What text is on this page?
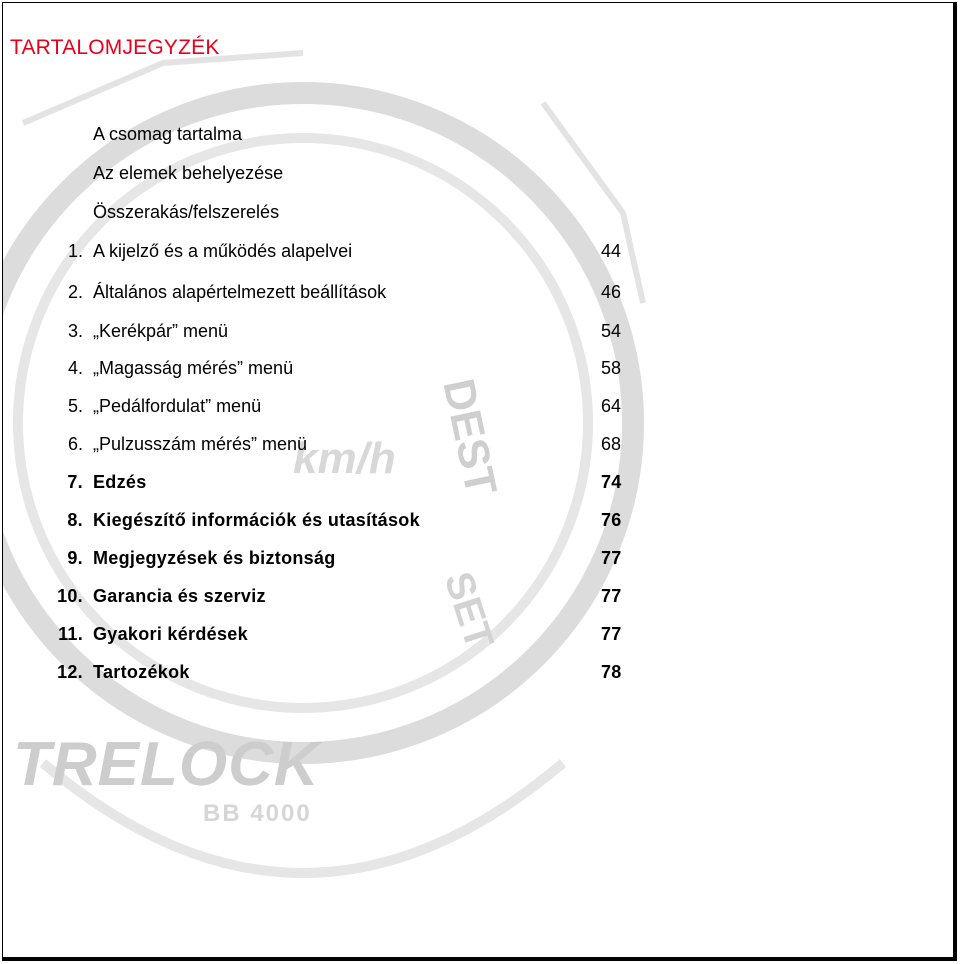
DEST
SET
km/h
TRELOCK
BB 4000
TARTALOMJEGYZÉK
A csomag tartalma
Az elemek behelyezése
Összerakás/felszerelés
1. A kijelző és a működés alapelvei	44
2. Általános alapértelmezett beállítások	46
3. „Kerékpár” menü	54
4. „Magasság mérés” menü	58
5. „Pedálfordulat” menü	64
6. „Pulzusszám mérés” menü	68
7. Edzés	74
8. Kiegészítő információk és utasítások	76
9. Megjegyzések és biztonság	77
10. Garancia és szerviz	77
11. Gyakori kérdések	77
12. Tartozékok	78
